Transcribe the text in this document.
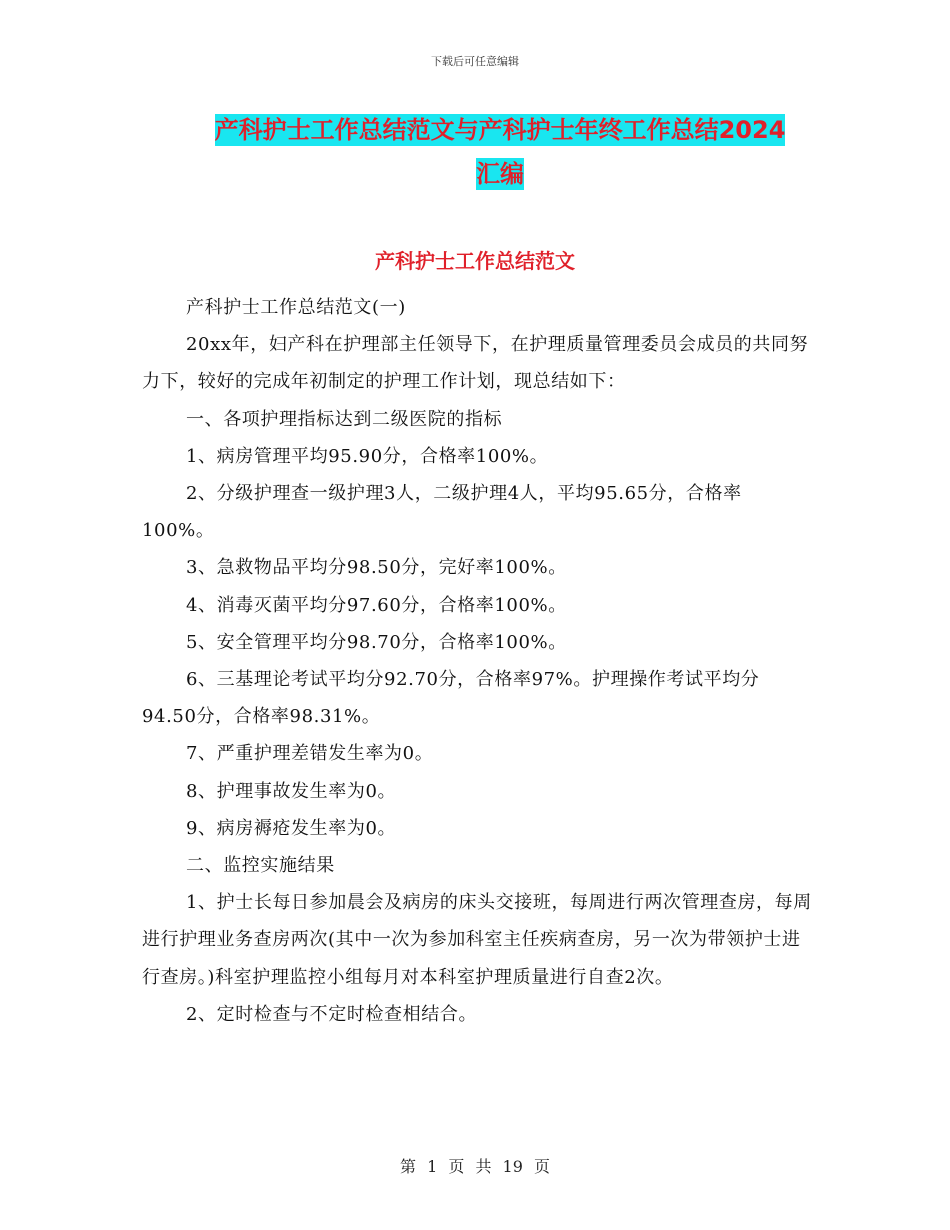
下载后可任意编辑
产科护士工作总结范文与产科护士年终工作总结2024
汇编
产科护士工作总结范文

产科护士工作总结范文(一)

20xx年，妇产科在护理部主任领导下，在护理质量管理委员会成员的共同努力下，较好的完成年初制定的护理工作计划，现总结如下：

一、各项护理指标达到二级医院的指标

1、病房管理平均95.90分，合格率100%。

2、分级护理查一级护理3人，二级护理4人，平均95.65分，合格率100%。

3、急救物品平均分98.50分，完好率100%。

4、消毒灭菌平均分97.60分，合格率100%。

5、安全管理平均分98.70分，合格率100%。

6、三基理论考试平均分92.70分，合格率97%。护理操作考试平均分94.50分，合格率98.31%。

7、严重护理差错发生率为0。

8、护理事故发生率为0。

9、病房褥疮发生率为0。

二、监控实施结果

1、护士长每日参加晨会及病房的床头交接班，每周进行两次管理查房，每周进行护理业务查房两次(其中一次为参加科室主任疾病查房，另一次为带领护士进行查房。)科室护理监控小组每月对本科室护理质量进行自查2次。

2、定时检查与不定时检查相结合。

第 1 页 共 19 页
